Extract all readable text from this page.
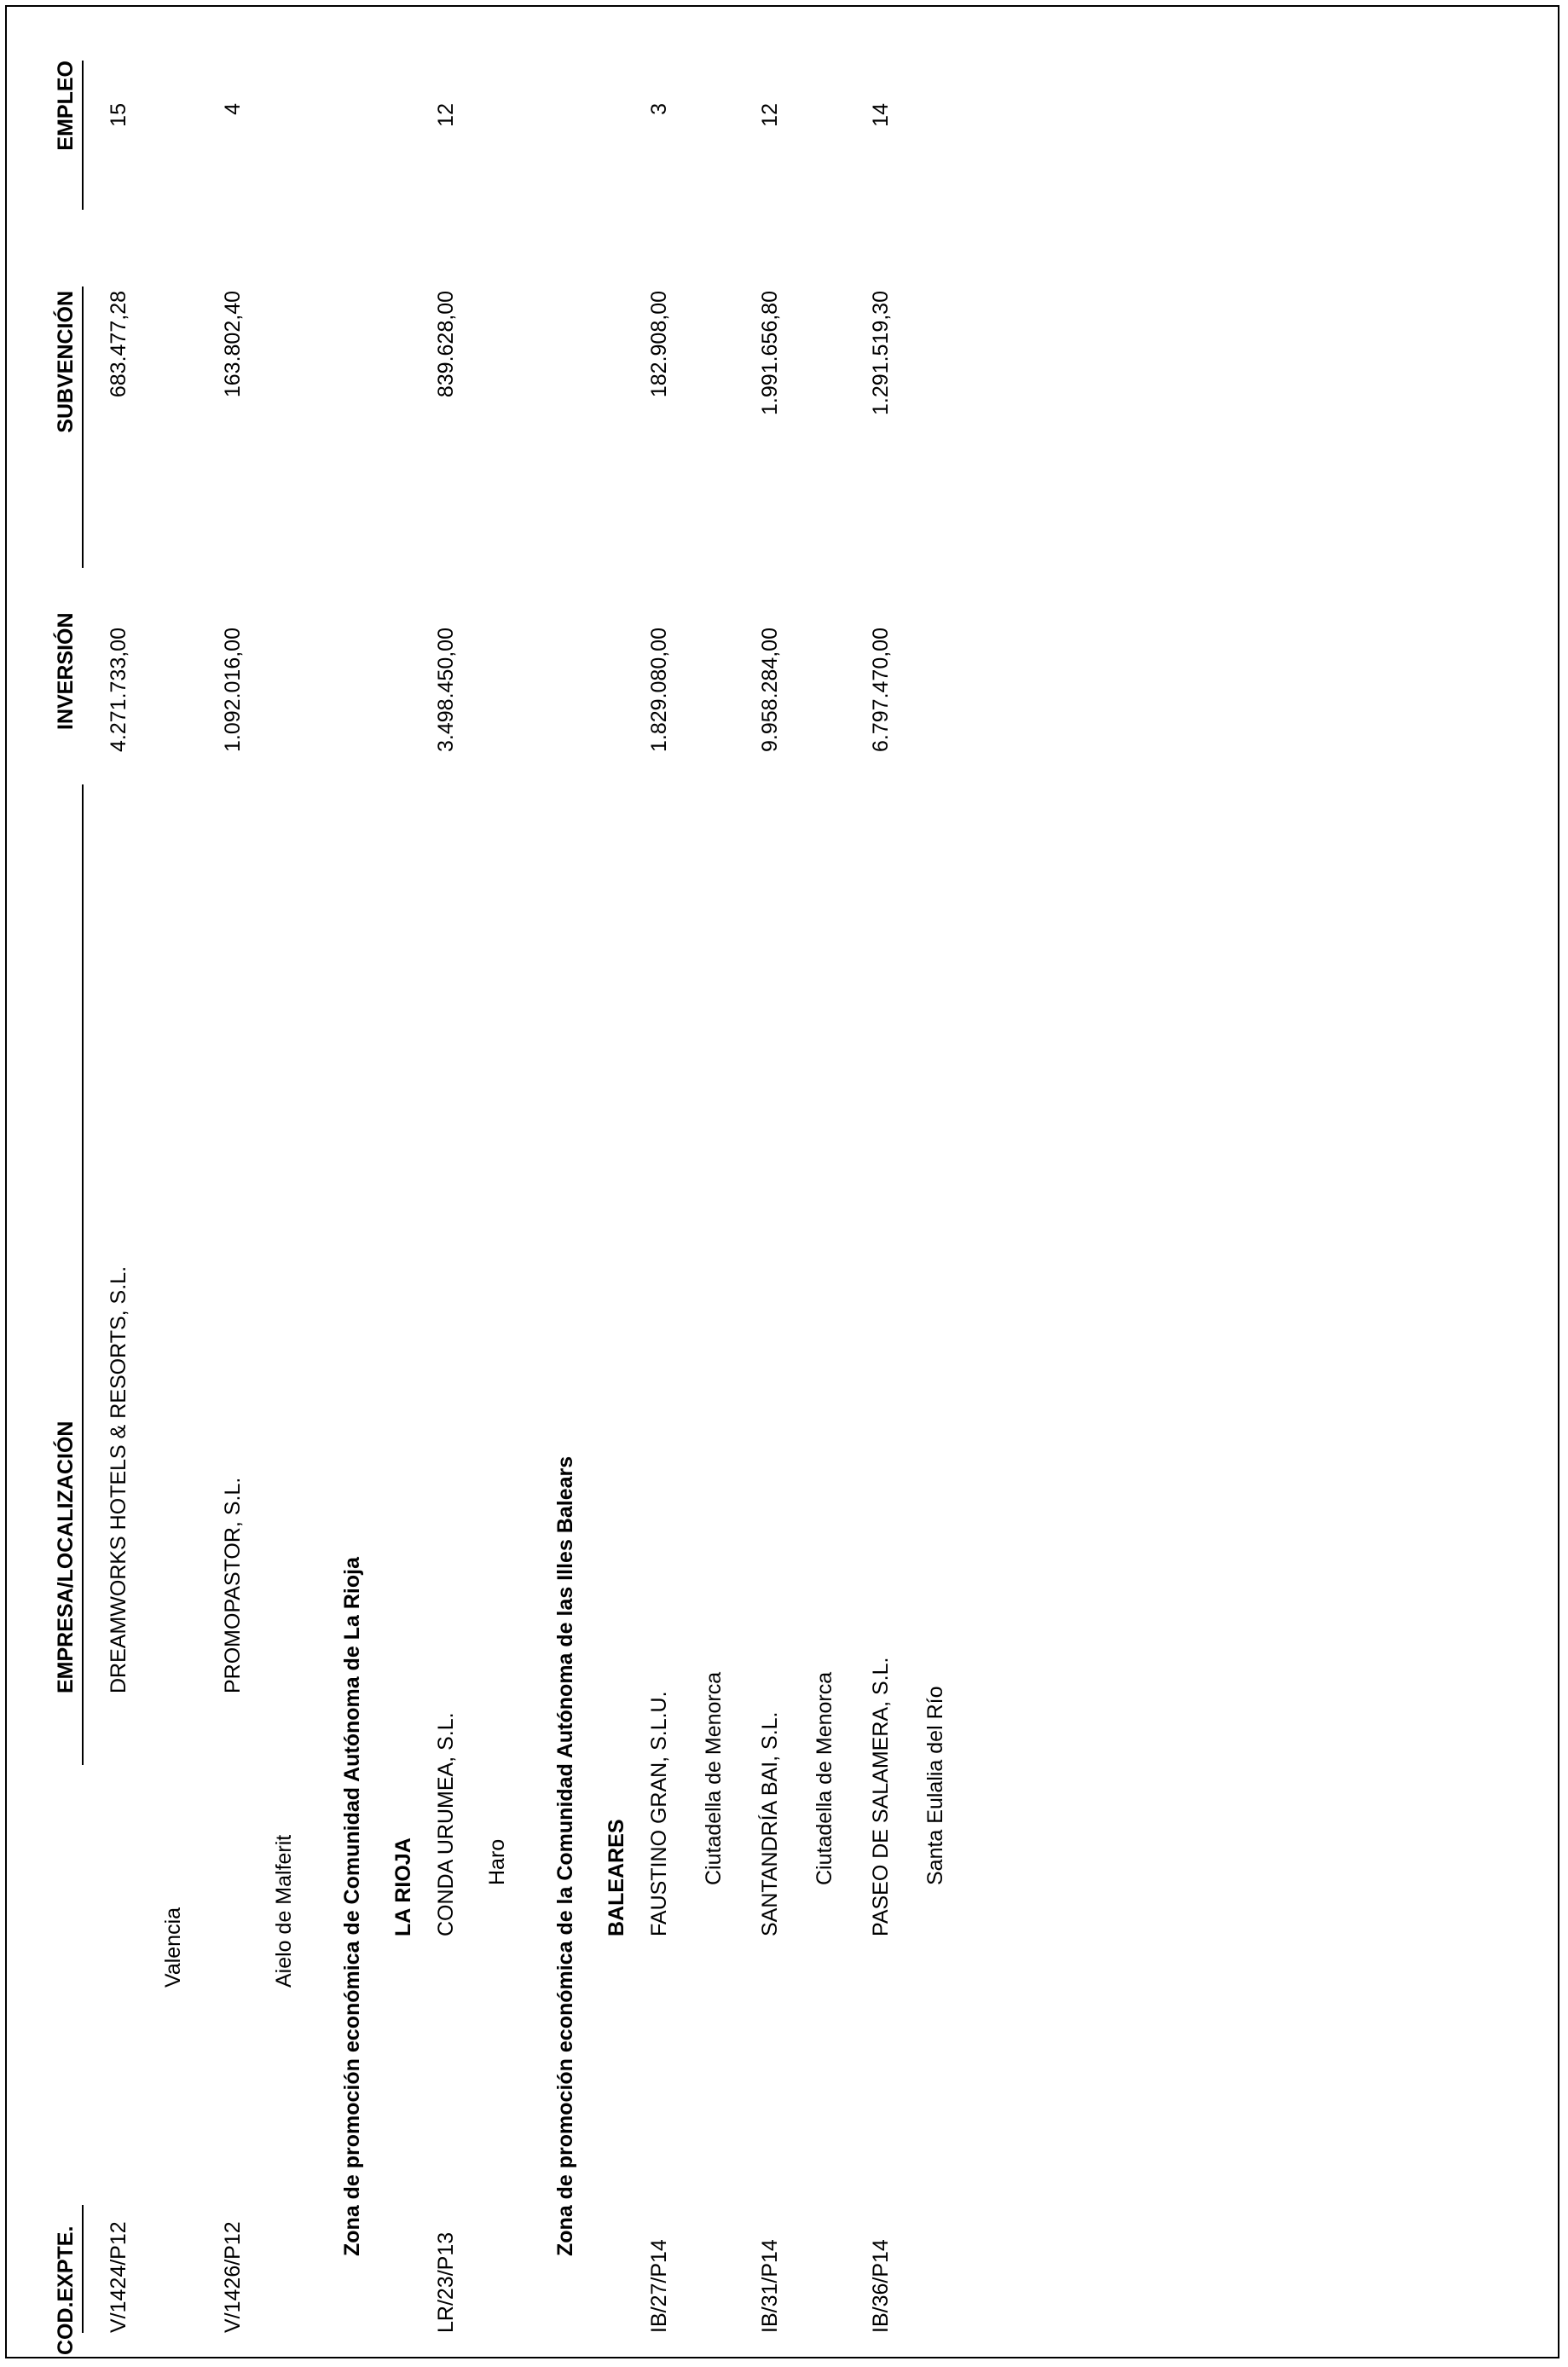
COD.EXPTE.
EMPRESA/LOCALIZACIÓN
INVERSIÓN
SUBVENCIÓN
EMPLEO
V/1424/P12
DREAMWORKS HOTELS & RESORTS, S.L.
4.271.733,00
683.477,28
15
Valencia
V/1426/P12
PROMOPASTOR, S.L.
1.092.016,00
163.802,40
4
Aielo de Malferit Zona de promoción económica de Comunidad Autónoma de La Rioja LA RIOJA
LR/23/P13
CONDA URUMEA, S.L.
3.498.450,00
839.628,00
12
Haro Zona de promoción económica de la Comunidad Autónoma de las Illes Balears BALEARES
IB/27/P14
FAUSTINO GRAN, S.L.U.
1.829.080,00
182.908,00
3
Ciutadella de Menorca
IB/31/P14
SANTANDRÍA BAI, S.L.
9.958.284,00
1.991.656,80
12
Ciutadella de Menorca
IB/36/P14
PASEO DE SALAMERA, S.L.
6.797.470,00
1.291.519,30
14
Santa Eulalia del Río
